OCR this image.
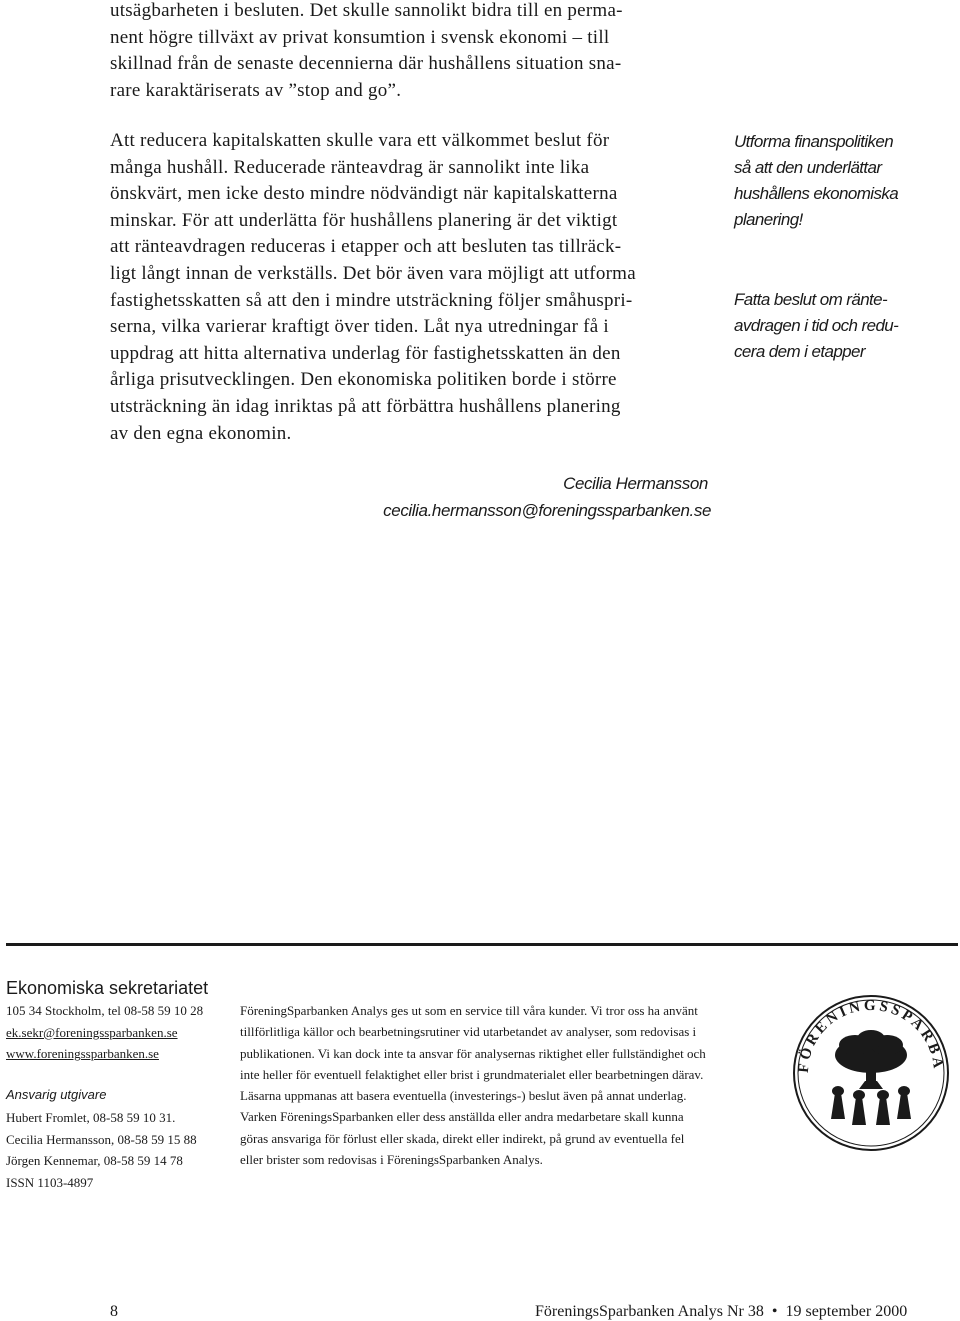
utsägbarheten i besluten. Det skulle sannolikt bidra till en perma-
nent högre tillväxt av privat konsumtion i svensk ekonomi – till
skillnad från de senaste decennierna där hushållens situation sna-
rare karaktäriserats av ”stop and go”.
Att reducera kapitalskatten skulle vara ett välkommet beslut för
många hushåll. Reducerade ränteavdrag är sannolikt inte lika
önskvärt, men icke desto mindre nödvändigt när kapitalskatterna
minskar. För att underlätta för hushållens planering är det viktigt
att ränteavdragen reduceras i etapper och att besluten tas tillräck-
ligt långt innan de verkställs. Det bör även vara möjligt att utforma
fastighetsskatten så att den i mindre utsträckning följer småhuspri-
serna, vilka varierar kraftigt över tiden. Låt nya utredningar få i
uppdrag att hitta alternativa underlag för fastighetsskatten än den
årliga prisutvecklingen. Den ekonomiska politiken borde i större
utsträckning än idag inriktas på att förbättra hushållens planering
av den egna ekonomin.
Utforma finanspolitiken
så att den underlättar
hushållens ekonomiska
planering!
Fatta beslut om ränte-
avdragen i tid och redu-
cera dem i etapper
Cecilia Hermansson
cecilia.hermansson@foreningssparbanken.se
Ekonomiska sekretariatet
105 34 Stockholm, tel 08-58 59 10 28
ek.sekr@foreningssparbanken.se
www.foreningssparbanken.se
Ansvarig utgivare
Hubert Fromlet, 08-58 59 10 31.
Cecilia Hermansson, 08-58 59 15 88
Jörgen Kennemar, 08-58 59 14 78
ISSN 1103-4897
FöreningSparbanken Analys ges ut som en service till våra kunder. Vi tror oss ha använt
tillförlitliga källor och bearbetningsrutiner vid utarbetandet av analyser, som redovisas i
publikationen. Vi kan dock inte ta ansvar för analysernas riktighet eller fullständighet och
inte heller för eventuell felaktighet eller brist i grundmaterialet eller bearbetningen därav.
Läsarna uppmanas att basera eventuella (investerings-) beslut även på annat underlag.
Varken FöreningsSparbanken eller dess anställda eller andra medarbetare skall kunna
göras ansvariga för förlust eller skada, direkt eller indirekt, på grund av eventuella fel
eller brister som redovisas i FöreningsSparbanken Analys.
FÖRENINGSSPARBA
8	FöreningsSparbanken Analys Nr 38 • 19 september 2000
